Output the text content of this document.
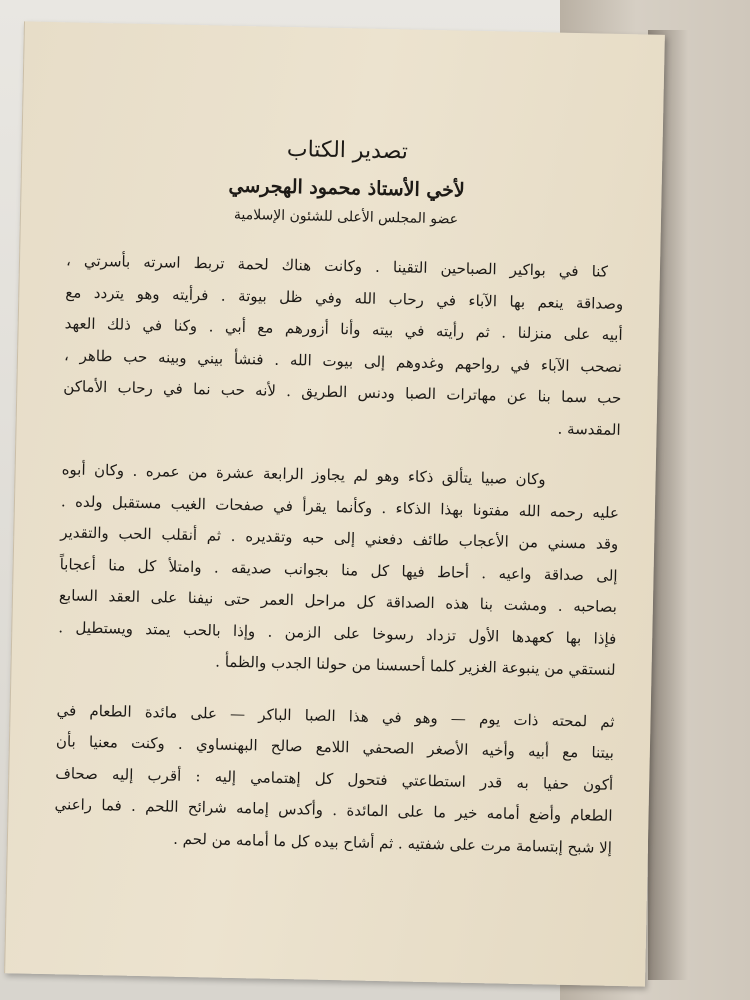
تصدير الكتاب
لأخي الأستاذ محمود الهجرسي
عضو المجلس الأعلى للشئون الإسلامية
كنا في بواكير الصباحين التقينا . وكانت هناك لحمة تربط اسرته بأسرتي ،
وصداقة ينعم بها الآباء في رحاب الله وفي ظل بيوتة . فرأيته وهو يتردد مع
أبيه على منزلنا . ثم رأيته في بيته وأنا أزورهم مع أبي . وكنا في ذلك العهد
نصحب الآباء في رواحهم وغدوهم إلى بيوت الله . فنشأ بيني وبينه حب طاهر ،
حب سما بنا عن مهاترات الصبا ودنس الطريق . لأنه حب نما في رحاب الأماكن
المقدسة .
وكان صبيا يتألق ذكاء وهو لم يجاوز الرابعة عشرة من عمره . وكان أبوه
عليه رحمه الله مفتونا بهذا الذكاء . وكأنما يقرأ في صفحات الغيب مستقبل ولده .
وقد مسني من الأعجاب طائف دفعني إلى حبه وتقديره . ثم أنقلب الحب والتقدير
إلى صداقة واعيه . أحاط فيها كل منا بجوانب صديقه . وامتلأ كل منا أعجاباً
بصاحبه . ومشت بنا هذه الصداقة كل مراحل العمر حتى نيفنا على العقد السابع
فإذا بها كعهدها الأول تزداد رسوخا على الزمن . وإذا بالحب يمتد ويستطيل .
لنستقي من ينبوعة الغزير كلما أحسسنا من حولنا الجدب والظمأ .
ثم لمحته ذات يوم — وهو في هذا الصبا الباكر — على مائدة الطعام في
بيتنا مع أبيه وأخيه الأصغر الصحفي اللامع صالح البهنساوي . وكنت معنيا بأن
أكون حفيا به قدر استطاعتي فتحول كل إهتمامي إليه : أقرب إليه صحاف
الطعام وأضع أمامه خير ما على المائدة . وأكدس إمامه شرائح اللحم . فما راعني
إلا شبح إبتسامة مرت على شفتيه . ثم أشاح بيده كل ما أمامه من لحم .
